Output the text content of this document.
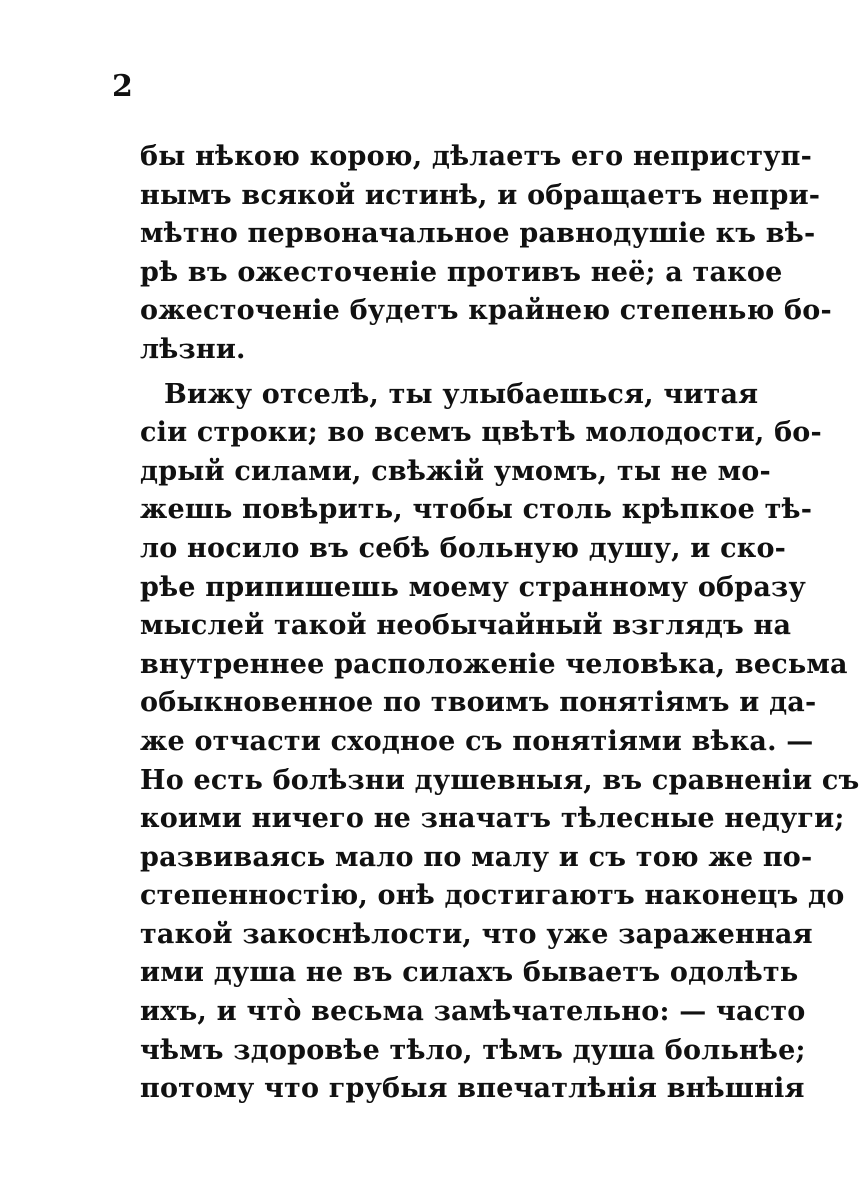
2
бы нѣкою корою, дѣлаетъ его неприступ-
нымъ всякой истинѣ, и обращаетъ непри-
мѣтно первоначальное равнодушіе къ вѣ-
рѣ въ ожесточеніе противъ неё; а такое
ожесточеніе будетъ крайнею степенью бо-
лѣзни.
Вижу отселѣ, ты улыбаешься, читая
сіи строки; во всемъ цвѣтѣ молодости, бо-
дрый силами, свѣжій умомъ, ты не мо-
жешь повѣрить, чтобы столь крѣпкое тѣ-
ло носило въ себѣ больную душу, и ско-
рѣе припишешь моему странному образу
мыслей такой необычайный взглядъ на
внутреннее расположеніе человѣка, весьма
обыкновенное по твоимъ понятіямъ и да-
же отчасти сходное съ понятіями вѣка. —
Но есть болѣзни душевныя, въ сравненіи съ
коими ничего не значатъ тѣлесные недуги;
развиваясь мало по малу и съ тою же по-
степенностію, онѣ достигаютъ наконецъ до
такой закоснѣлости, что уже зараженная
ими душа не въ силахъ бываетъ одолѣть
ихъ, и что̀ весьма замѣчательно: — часто
чѣмъ здоровѣе тѣло, тѣмъ душа больнѣе;
потому что грубыя впечатлѣнія внѣшнія
